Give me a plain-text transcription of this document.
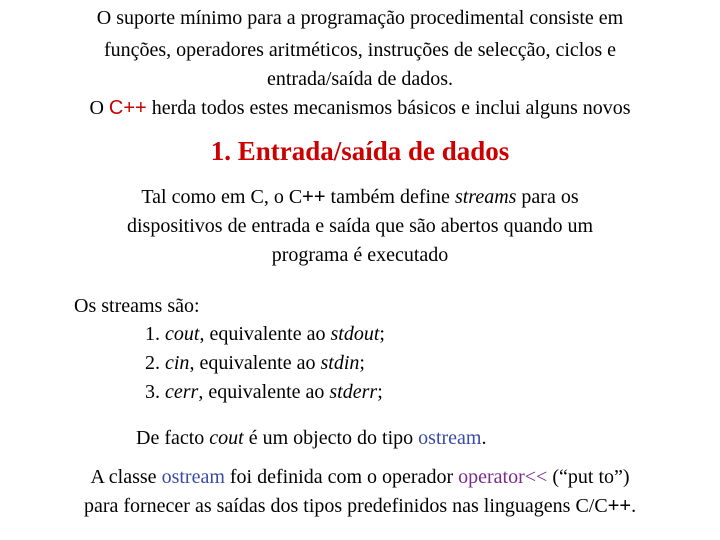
O suporte mínimo para a programação procedimental consiste em
funções, operadores aritméticos, instruções de selecção, ciclos e
entrada/saída de dados.
O C++ herda todos estes mecanismos básicos e inclui alguns novos
1. Entrada/saída de dados
Tal como em C, o C++ também define streams para os
dispositivos de entrada e saída que são abertos quando um
programa é executado
Os streams são:
1. cout, equivalente ao stdout;
2. cin, equivalente ao stdin;
3. cerr, equivalente ao stderr;
De facto cout é um objecto do tipo ostream.
A classe ostream foi definida com o operador operator<< (“put to”)
para fornecer as saídas dos tipos predefinidos nas linguagens C/C++.
